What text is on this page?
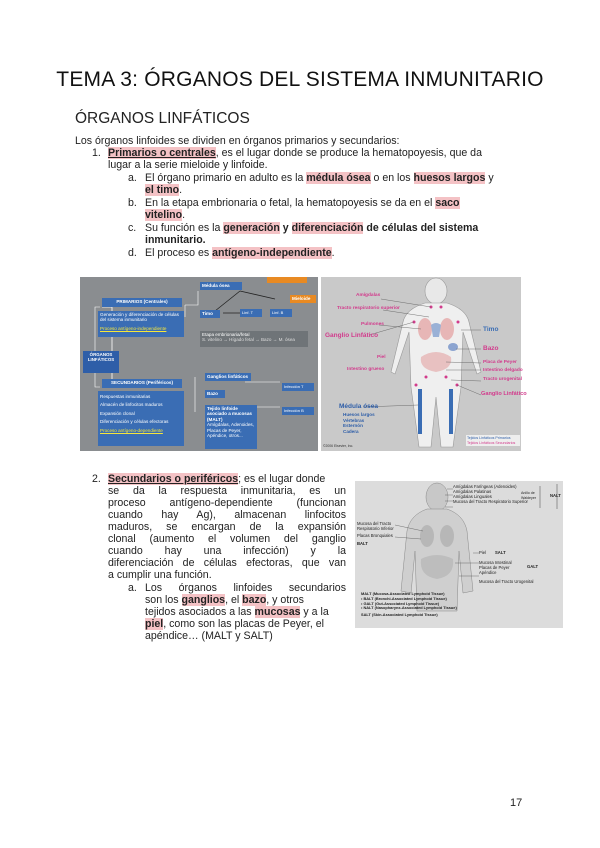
TEMA 3: ÓRGANOS DEL SISTEMA INMUNITARIO
ÓRGANOS LINFÁTICOS
Los órganos linfoides se dividen en órganos primarios y secundarios:
1. Primarios o centrales, es el lugar donde se produce la hematopoyesis, que da
lugar a la serie mieloide y linfoide.
a. El órgano primario en adulto es la médula ósea o en los huesos largos y
el timo.
b. En la etapa embrionaria o fetal, la hematopoyesis se da en el saco
vitelino.
c. Su función es la generación y diferenciación de células del sistema
inmunitario.
d. El proceso es antígeno-independiente.
ÓRGANOS LINFÁTICOS
PRIMARIOS (Centrales)
Generación y diferenciación de células del sistema inmunitario
Proceso antígeno-independiente
Médula ósea
Mieloide
Timo	Linf. T	Linf. B
Etapa embrionaria/fetal
S. vitelino → Hígado fetal → Bazo → M. ósea
SECUNDARIOS (Periféricos)
Respuestas inmunitarias
Almacén de linfocitos maduros
Expansión clonal
Diferenciación y células efectoras
Proceso antígeno-dependiente
Ganglios linfáticos
Bazo
Tejido linfoide asociado a mucosas (MALT)
Amígdalas, Adenoides, Placas de Peyer, Apéndice, otros...
Infección T
Infección B
Amígdalas
Tracto respiratorio superior
Pulmones
Ganglio Linfático
Piel
Intestino grueso
Timo
Bazo
Placa de Peyer
Intestino delgado
Tracto urogenital
Ganglio Linfático
Médula ósea
Huesos largos
Vértebras
Esternón
Cadera
Tejidos Linfáticos Primarios
Tejidos Linfáticos Secundarios
©2006 Elsevier, Inc.
2. Secundarios o periféricos; es el lugar donde
se da la respuesta inmunitaria, es un
proceso antígeno-dependiente (funcionan
cuando hay Ag), almacenan linfocitos
maduros, se encargan de la expansión
clonal (aumento el volumen del ganglio
cuando hay una infección) y la
diferenciación de células efectoras, que van
a cumplir una función.
a. Los órganos linfoides secundarios
son los ganglios, el bazo, y otros
tejidos asociados a las mucosas y a la
piel, como son las placas de Peyer, el
apéndice… (MALT y SALT)
Amígdalas Faríngeas (Adenoides)
Amígdalas Palatinas
Amígdalas Linguales
Mucosa del Tracto Respiratorio Superior
Anillo de Waldeyer	NALT
Mucosa del Tracto Respiratorio Inferior
Placas Bronquiales
BALT
Piel SALT
Mucosa Intestinal
Placas de Peyer
Apéndice
GALT
Mucosa del Tracto Urogenital
MALT (Mucosa-Associated Lymphoid Tissue)
• BALT (Bronchi-Associated Lymphoid Tissue)
• GALT (Gut-Associated Lymphoid Tissue)
• NALT (Nasopharynx-Associated Lymphoid Tissue)
SALT (Skin-Associated Lymphoid Tissue)
17
